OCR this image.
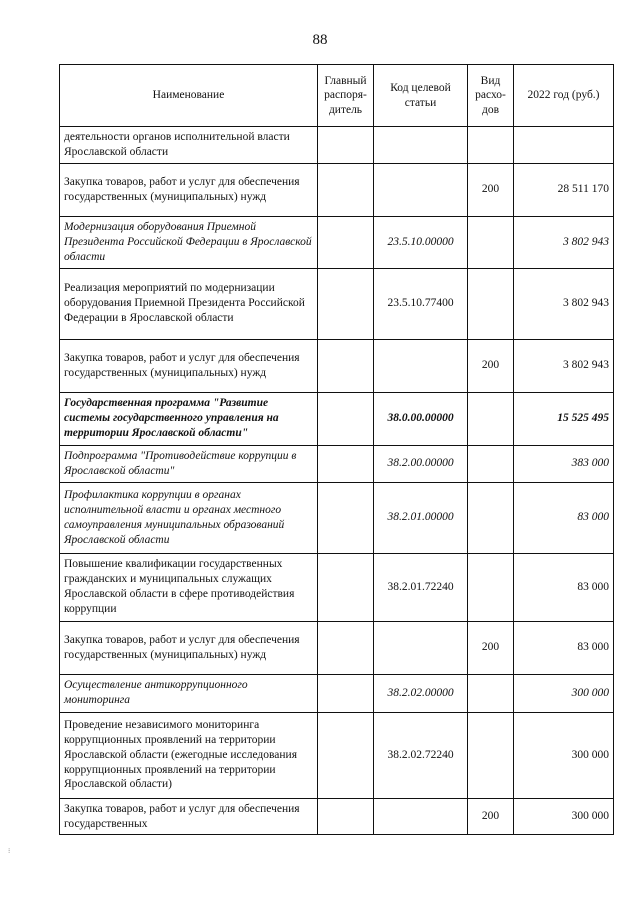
88
Наименование	Главный распоря-дитель	Код целевой статьи	Вид расхо-дов	2022 год (руб.)
деятельности органов исполнительной власти Ярославской области				
Закупка товаров, работ и услуг для обеспечения государственных (муниципальных) нужд			200	28 511 170
Модернизация оборудования Приемной Президента Российской Федерации в Ярославской области		23.5.10.00000		3 802 943
Реализация мероприятий по модернизации оборудования Приемной Президента Российской Федерации в Ярославской области		23.5.10.77400		3 802 943
Закупка товаров, работ и услуг для обеспечения государственных (муниципальных) нужд			200	3 802 943
Государственная программа "Развитие системы государственного управления на территории Ярославской области"		38.0.00.00000		15 525 495
Подпрограмма "Противодействие коррупции в Ярославской области"		38.2.00.00000		383 000
Профилактика коррупции в органах исполнительной власти и органах местного самоуправления муниципальных образований Ярославской области		38.2.01.00000		83 000
Повышение квалификации государственных гражданских и муниципальных служащих Ярославской области в сфере противодействия коррупции		38.2.01.72240		83 000
Закупка товаров, работ и услуг для обеспечения государственных (муниципальных) нужд			200	83 000
Осуществление антикоррупционного мониторинга		38.2.02.00000		300 000
Проведение независимого мониторинга коррупционных проявлений на территории Ярославской области (ежегодные исследования коррупционных проявлений на территории Ярославской области)		38.2.02.72240		300 000
Закупка товаров, работ и услуг для обеспечения государственных			200	300 000
⁝
